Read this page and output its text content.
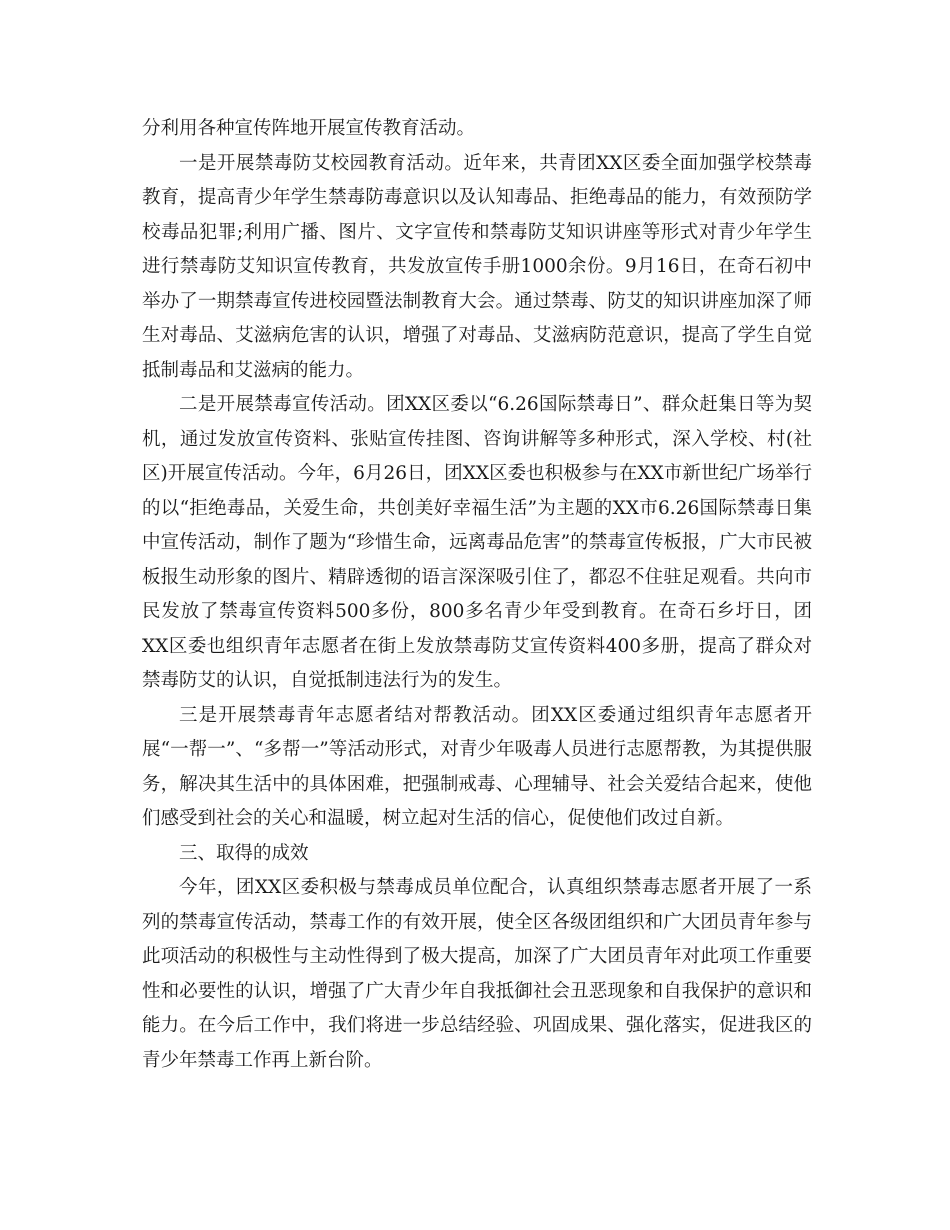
分利用各种宣传阵地开展宣传教育活动。

一是开展禁毒防艾校园教育活动。近年来，共青团XX区委全面加强学校禁毒教育，提高青少年学生禁毒防毒意识以及认知毒品、拒绝毒品的能力，有效预防学校毒品犯罪;利用广播、图片、文字宣传和禁毒防艾知识讲座等形式对青少年学生进行禁毒防艾知识宣传教育，共发放宣传手册1000余份。9月16日，在奇石初中举办了一期禁毒宣传进校园暨法制教育大会。通过禁毒、防艾的知识讲座加深了师生对毒品、艾滋病危害的认识，增强了对毒品、艾滋病防范意识，提高了学生自觉抵制毒品和艾滋病的能力。

二是开展禁毒宣传活动。团XX区委以“6.26国际禁毒日”、群众赶集日等为契机，通过发放宣传资料、张贴宣传挂图、咨询讲解等多种形式，深入学校、村(社区)开展宣传活动。今年，6月26日，团XX区委也积极参与在XX市新世纪广场举行的以“拒绝毒品，关爱生命，共创美好幸福生活”为主题的XX市6.26国际禁毒日集中宣传活动，制作了题为“珍惜生命，远离毒品危害”的禁毒宣传板报，广大市民被板报生动形象的图片、精辟透彻的语言深深吸引住了，都忍不住驻足观看。共向市民发放了禁毒宣传资料500多份，800多名青少年受到教育。在奇石乡圩日，团XX区委也组织青年志愿者在街上发放禁毒防艾宣传资料400多册，提高了群众对禁毒防艾的认识，自觉抵制违法行为的发生。

三是开展禁毒青年志愿者结对帮教活动。团XX区委通过组织青年志愿者开展“一帮一”、“多帮一”等活动形式，对青少年吸毒人员进行志愿帮教，为其提供服务，解决其生活中的具体困难，把强制戒毒、心理辅导、社会关爱结合起来，使他们感受到社会的关心和温暖，树立起对生活的信心，促使他们改过自新。

三、取得的成效

今年，团XX区委积极与禁毒成员单位配合，认真组织禁毒志愿者开展了一系列的禁毒宣传活动，禁毒工作的有效开展，使全区各级团组织和广大团员青年参与此项活动的积极性与主动性得到了极大提高，加深了广大团员青年对此项工作重要性和必要性的认识，增强了广大青少年自我抵御社会丑恶现象和自我保护的意识和能力。在今后工作中，我们将进一步总结经验、巩固成果、强化落实，促进我区的青少年禁毒工作再上新台阶。
